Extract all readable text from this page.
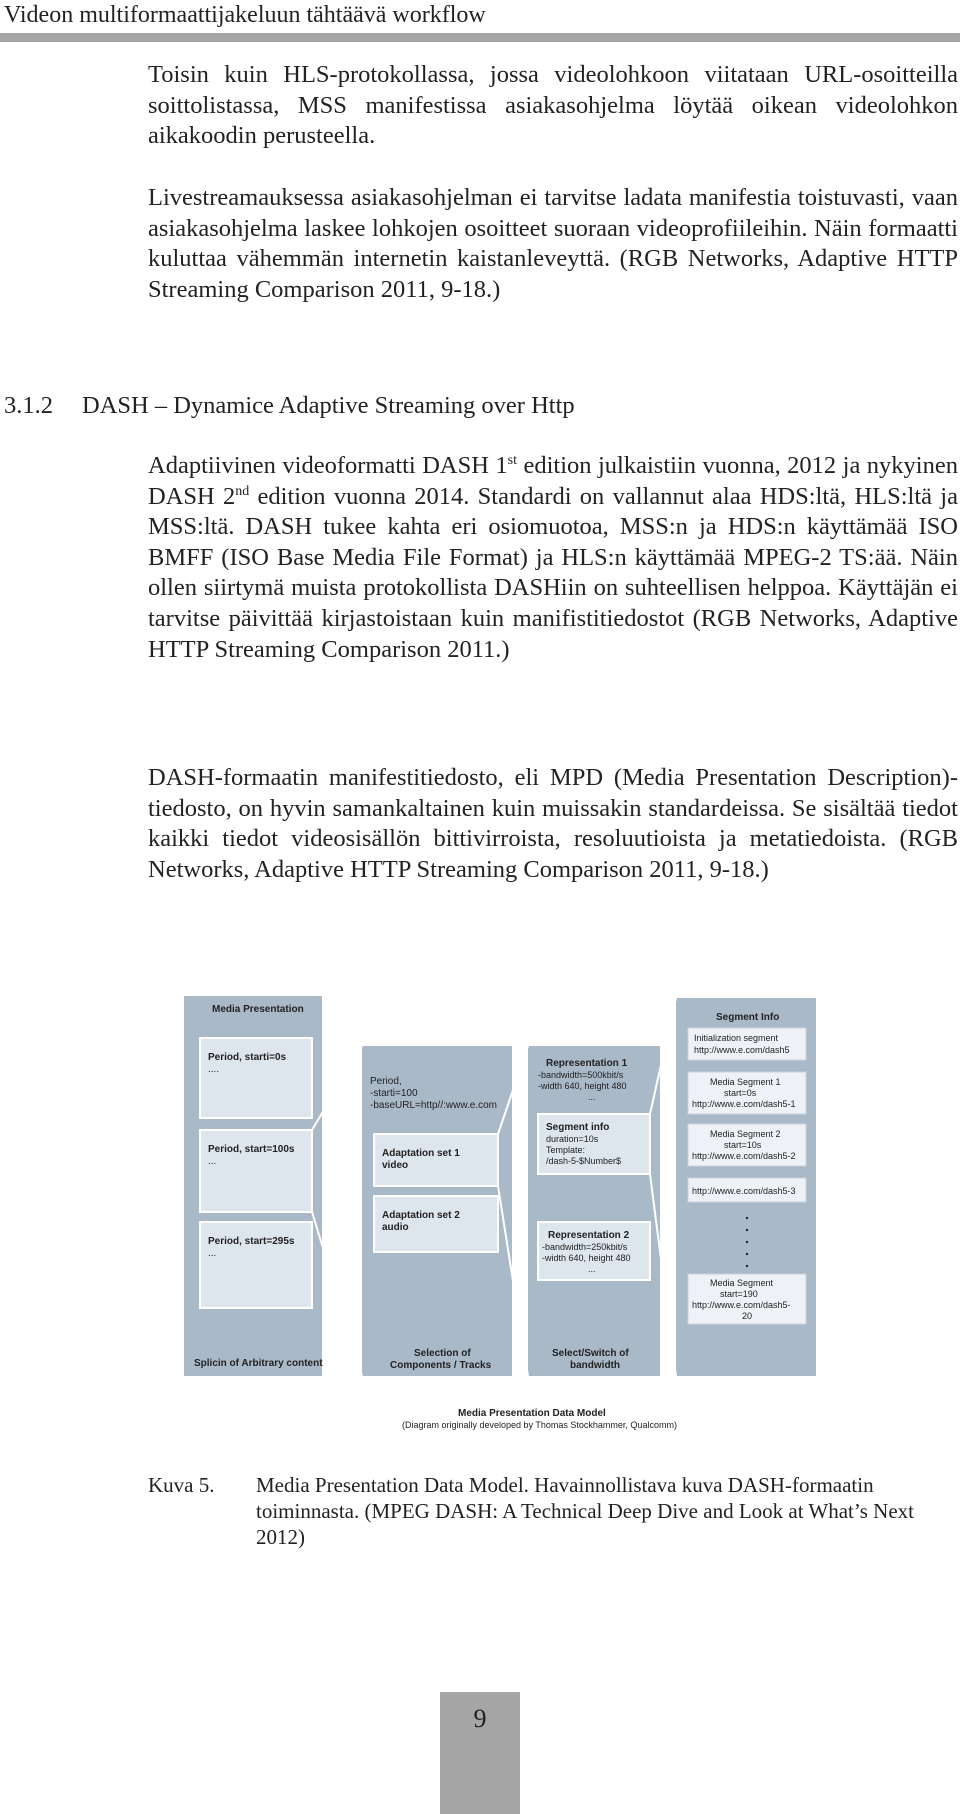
Videon multiformaattijakeluun tähtäävä workflow

Toisin kuin HLS-protokollassa, jossa videolohkoon viitataan URL-osoitteilla soittolistassa, MSS manifestissa asiakasohjelma löytää oikean videolohkon aikakoodin perusteella.

Livestreamauksessa asiakasohjelman ei tarvitse ladata manifestia toistuvasti, vaan asiakasohjelma laskee lohkojen osoitteet suoraan videoprofiileihin. Näin formaatti kuluttaa vähemmän internetin kaistanleveyttä. (RGB Networks, Adaptive HTTP Streaming Comparison 2011, 9-18.)

3.1.2 DASH – Dynamice Adaptive Streaming over Http

Adaptiivinen videoformatti DASH 1st edition julkaistiin vuonna, 2012 ja nykyinen DASH 2nd edition vuonna 2014. Standardi on vallannut alaa HDS:ltä, HLS:ltä ja MSS:ltä. DASH tukee kahta eri osiomuotoa, MSS:n ja HDS:n käyttämää ISO BMFF (ISO Base Media File Format) ja HLS:n käyttämää MPEG-2 TS:ää. Näin ollen siirtymä muista protokollista DASHiin on suhteellisen helppoa. Käyttäjän ei tarvitse päivittää kirjastoistaan kuin manifistitiedostot (RGB Networks, Adaptive HTTP Streaming Comparison 2011.)

DASH-formaatin manifestitiedosto, eli MPD (Media Presentation Description)-tiedosto, on hyvin samankaltainen kuin muissakin standardeissa. Se sisältää tiedot kaikki tiedot videosisällön bittivirroista, resoluutioista ja metatiedoista. (RGB Networks, Adaptive HTTP Streaming Comparison 2011, 9-18.)

Media Presentation
Period, starti=0s
....
Period, start=100s
...
Period, start=295s
...
Period,
-starti=100
-baseURL=http//:www.e.com
Adaptation set 1
video
Adaptation set 2
audio
Representation 1
-bandwidth=500kbit/s
-width 640, height 480
...
Segment info
duration=10s
Template:
/dash-5-$Number$
Representation 2
-bandwidth=250kbit/s
-width 640, height 480
...
Segment Info
Initialization segment
http://www.e.com/dash5
Media Segment 1
start=0s
http://www.e.com/dash5-1
Media Segment 2
start=10s
http://www.e.com/dash5-2
http://www.e.com/dash5-3
Media Segment
start=190
http://www.e.com/dash5-
20
Splicin of Arbitrary content
Selection of
Components / Tracks
Select/Switch of
bandwidth
Media Presentation Data Model
(Diagram originally developed by Thomas Stockhammer, Qualcomm)
Kuva 5. Media Presentation Data Model. Havainnollistava kuva DASH-formaatin toiminnasta. (MPEG DASH: A Technical Deep Dive and Look at What’s Next 2012)
9
